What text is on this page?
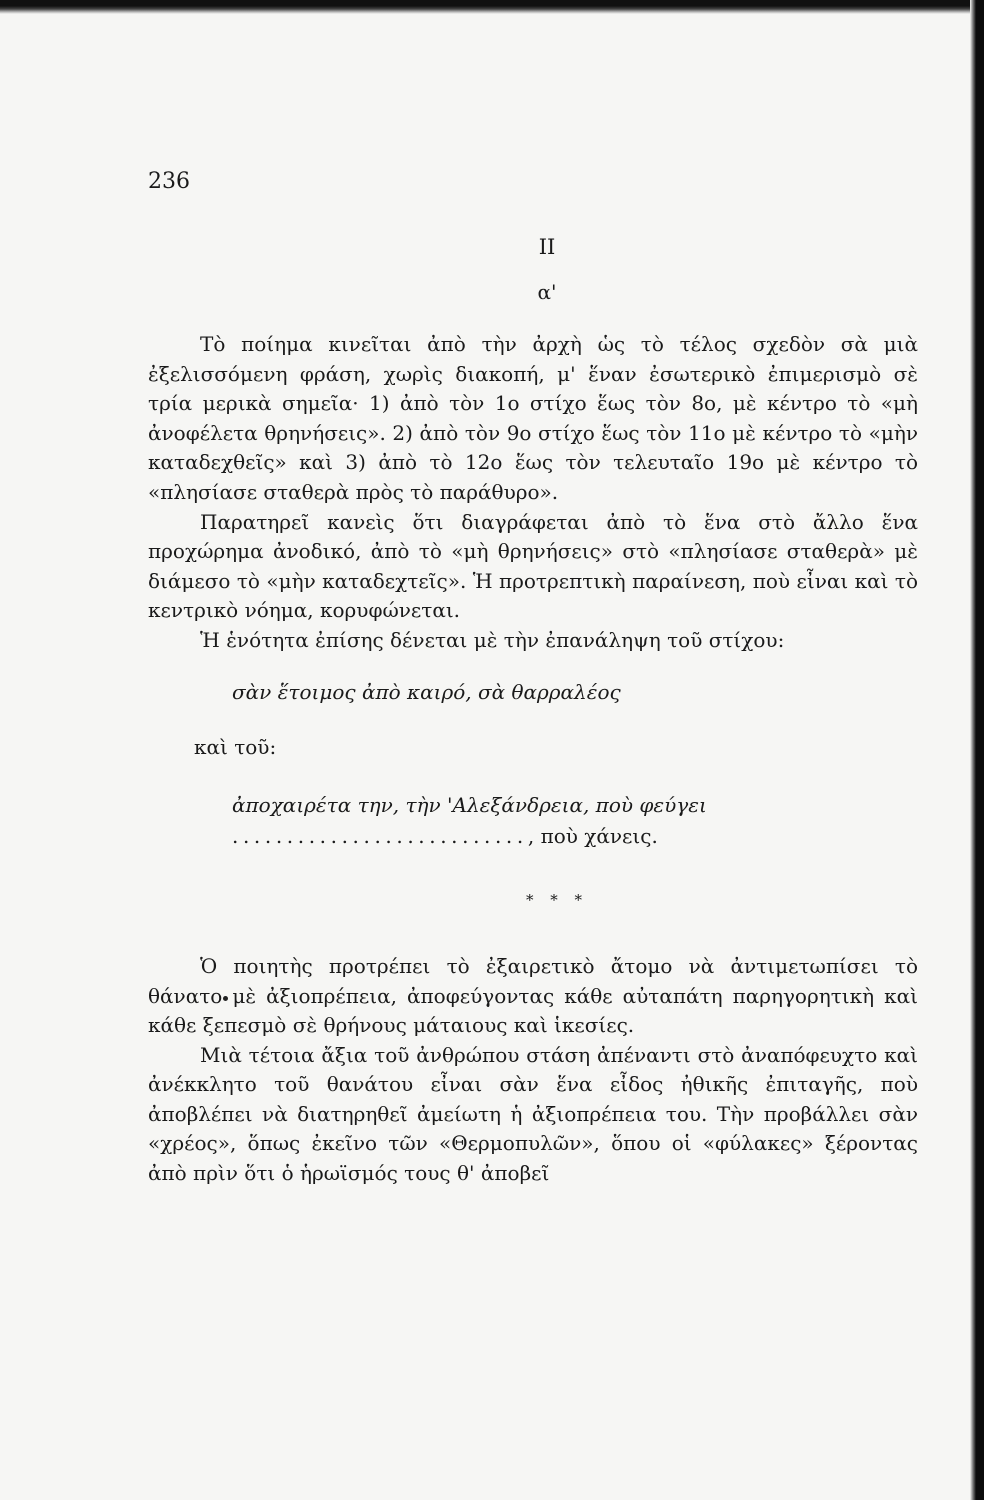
236
II
α'

Τὸ ποίημα κινεῖται ἀπὸ τὴν ἀρχὴ ὡς τὸ τέλος σχεδὸν σὰ μιὰ ἐξελισσόμενη φράση, χωρὶς διακοπή, μ' ἕναν ἐσωτερικὸ ἐπιμερισμὸ σὲ τρία μερικὰ σημεῖα· 1) ἀπὸ τὸν 1ο στίχο ἕως τὸν 8ο, μὲ κέντρο τὸ «μὴ ἀνοφέλετα θρηνήσεις». 2) ἀπὸ τὸν 9ο στίχο ἕως τὸν 11ο μὲ κέντρο τὸ «μὴν καταδεχθεῖς» καὶ 3) ἀπὸ τὸ 12ο ἕως τὸν τελευταῖο 19ο μὲ κέντρο τὸ «πλησίασε σταθερὰ πρὸς τὸ παράθυρο».

Παρατηρεῖ κανεὶς ὅτι διαγράφεται ἀπὸ τὸ ἕνα στὸ ἄλλο ἕνα προχώρημα ἀνοδικό, ἀπὸ τὸ «μὴ θρηνήσεις» στὸ «πλησίασε σταθερὰ» μὲ διάμεσο τὸ «μὴν καταδεχτεῖς». Ἡ προτρεπτικὴ παραίνεση, ποὺ εἶναι καὶ τὸ κεντρικὸ νόημα, κορυφώνεται.

Ἡ ἑνότητα ἐπίσης δένεται μὲ τὴν ἐπανάληψη τοῦ στίχου:

σὰν ἕτοιμος ἀπὸ καιρό, σὰ θαρραλέος

καὶ τοῦ:

ἀποχαιρέτα την, τὴν 'Αλεξάνδρεια, ποὺ φεύγει

..........................., ποὺ χάνεις.

* * *

Ὁ ποιητὴς προτρέπει τὸ ἐξαιρετικὸ ἄτομο νὰ ἀντιμετωπίσει τὸ θάνατο μὲ ἀξιοπρέπεια, ἀποφεύγοντας κάθε αὐταπάτη παρηγορητικὴ καὶ κάθε ξεπεσμὸ σὲ θρήνους μάταιους καὶ ἱκεσίες.

Μιὰ τέτοια ἄξια τοῦ ἀνθρώπου στάση ἀπέναντι στὸ ἀναπόφευχτο καὶ ἀνέκκλητο τοῦ θανάτου εἶναι σὰν ἕνα εἶδος ἠθικῆς ἐπιταγῆς, ποὺ ἀποβλέπει νὰ διατηρηθεῖ ἀμείωτη ἡ ἀξιοπρέπεια του. Τὴν προβάλλει σὰν «χρέος», ὅπως ἐκεῖνο τῶν «Θερμοπυλῶν», ὅπου οἱ «φύλακες» ξέροντας ἀπὸ πρὶν ὅτι ὁ ἡρωϊσμός τους θ' ἀποβεῖ
